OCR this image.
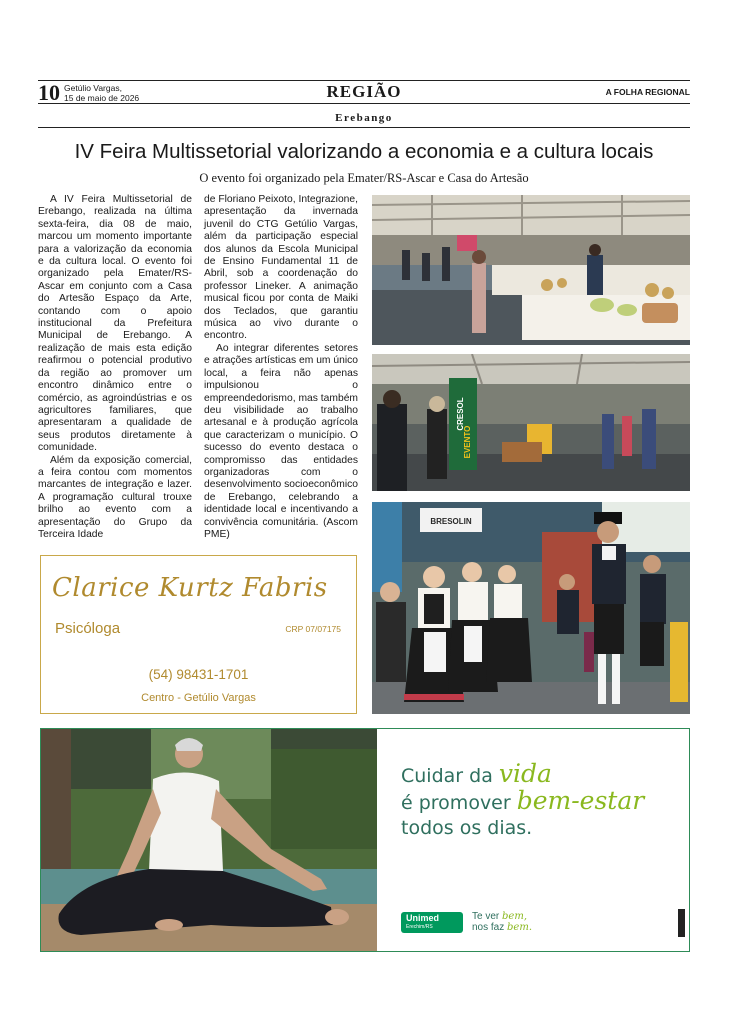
10 Getúlio Vargas,
15 de maio de 2026	REGIÃO	A FOLHA REGIONAL
Erebango
IV Feira Multissetorial valorizando a economia e a cultura locais
O evento foi organizado pela Emater/RS-Ascar e Casa do Artesão

A IV Feira Multissetorial de Erebango, realizada na última sexta-feira, dia 08 de maio, marcou um momento importante para a valorização da economia e da cultura local. O evento foi organizado pela Emater/RS-Ascar em conjunto com a Casa do Artesão Espaço da Arte, contando com o apoio institucional da Prefeitura Municipal de Erebango. A realização de mais esta edição reafirmou o potencial produtivo da região ao promover um encontro dinâmico entre o comércio, as agroindústrias e os agricultores familiares, que apresentaram a qualidade de seus produtos diretamente à comunidade.

Além da exposição comercial, a feira contou com momentos marcantes de integração e lazer. A programação cultural trouxe brilho ao evento com a apresentação do Grupo da Terceira Idade

de Floriano Peixoto, Integrazione, apresentação da invernada juvenil do CTG Getúlio Vargas, além da participação especial dos alunos da Escola Municipal de Ensino Fundamental 11 de Abril, sob a coordenação do professor Lineker. A animação musical ficou por conta de Maiki dos Teclados, que garantiu música ao vivo durante o encontro.

Ao integrar diferentes setores e atrações artísticas em um único local, a feira não apenas impulsionou o empreendedorismo, mas também deu visibilidade ao trabalho artesanal e à produção agrícola que caracterizam o município. O sucesso do evento destaca o compromisso das entidades organizadoras com o desenvolvimento socioeconômico de Erebango, celebrando a identidade local e incentivando a convivência comunitária. (Ascom PME)

CRESOL
EVENTO
BRESOLIN
Clarice Kurtz Fabris
Psicóloga	CRP 07/07175
(54) 98431-1701
Centro - Getúlio Vargas
Cuidar da vida
é promover bem-estar
todos os dias.
Unimed
Erechim/RS
Te ver bem,
nos faz bem.
